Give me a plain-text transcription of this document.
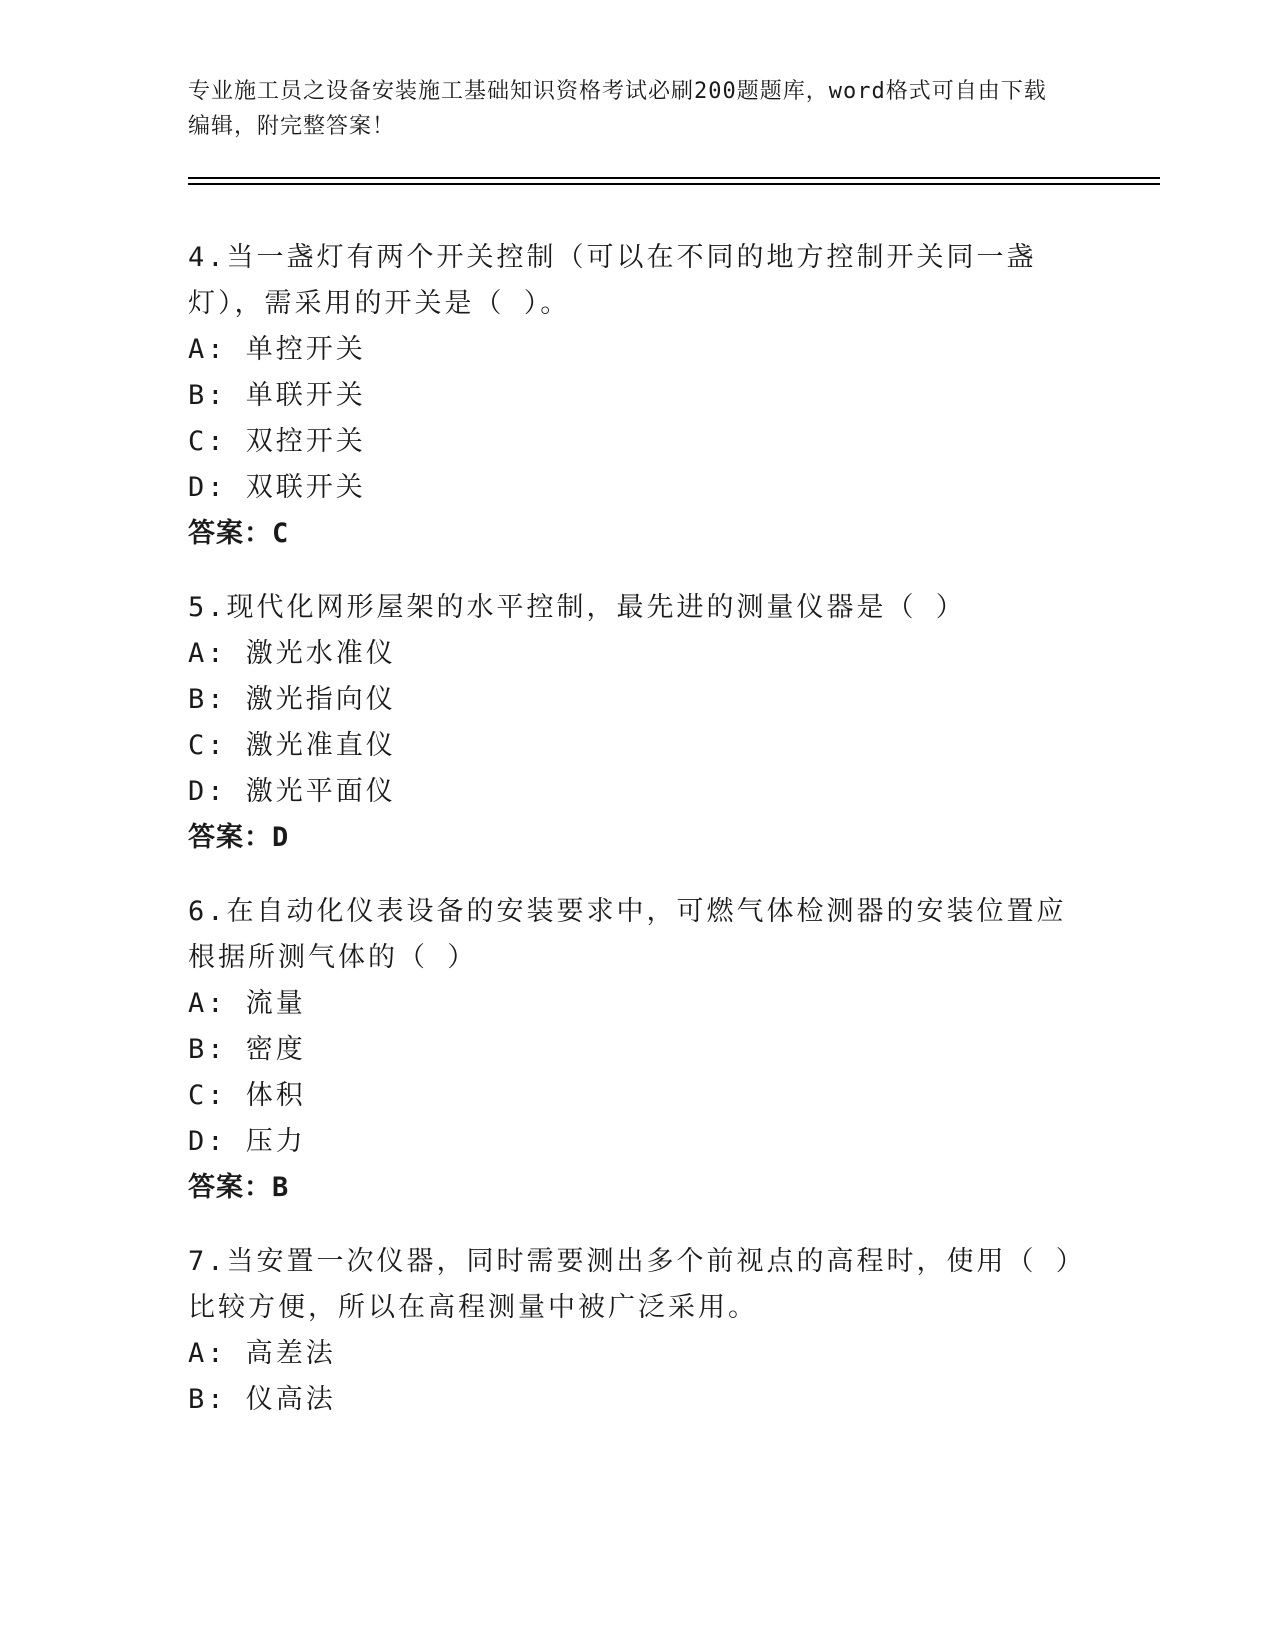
专业施工员之设备安装施工基础知识资格考试必刷200题题库，word格式可自由下载编辑，附完整答案！
4.当一盏灯有两个开关控制（可以在不同的地方控制开关同一盏灯），需采用的开关是（ ）。
A: 单控开关
B: 单联开关
C: 双控开关
D: 双联开关
答案：C
5.现代化网形屋架的水平控制，最先进的测量仪器是（ ）
A: 激光水准仪
B: 激光指向仪
C: 激光准直仪
D: 激光平面仪
答案：D
6.在自动化仪表设备的安装要求中，可燃气体检测器的安装位置应根据所测气体的（ ）
A: 流量
B: 密度
C: 体积
D: 压力
答案：B
7.当安置一次仪器，同时需要测出多个前视点的高程时，使用（ ）比较方便，所以在高程测量中被广泛采用。
A: 高差法
B: 仪高法
